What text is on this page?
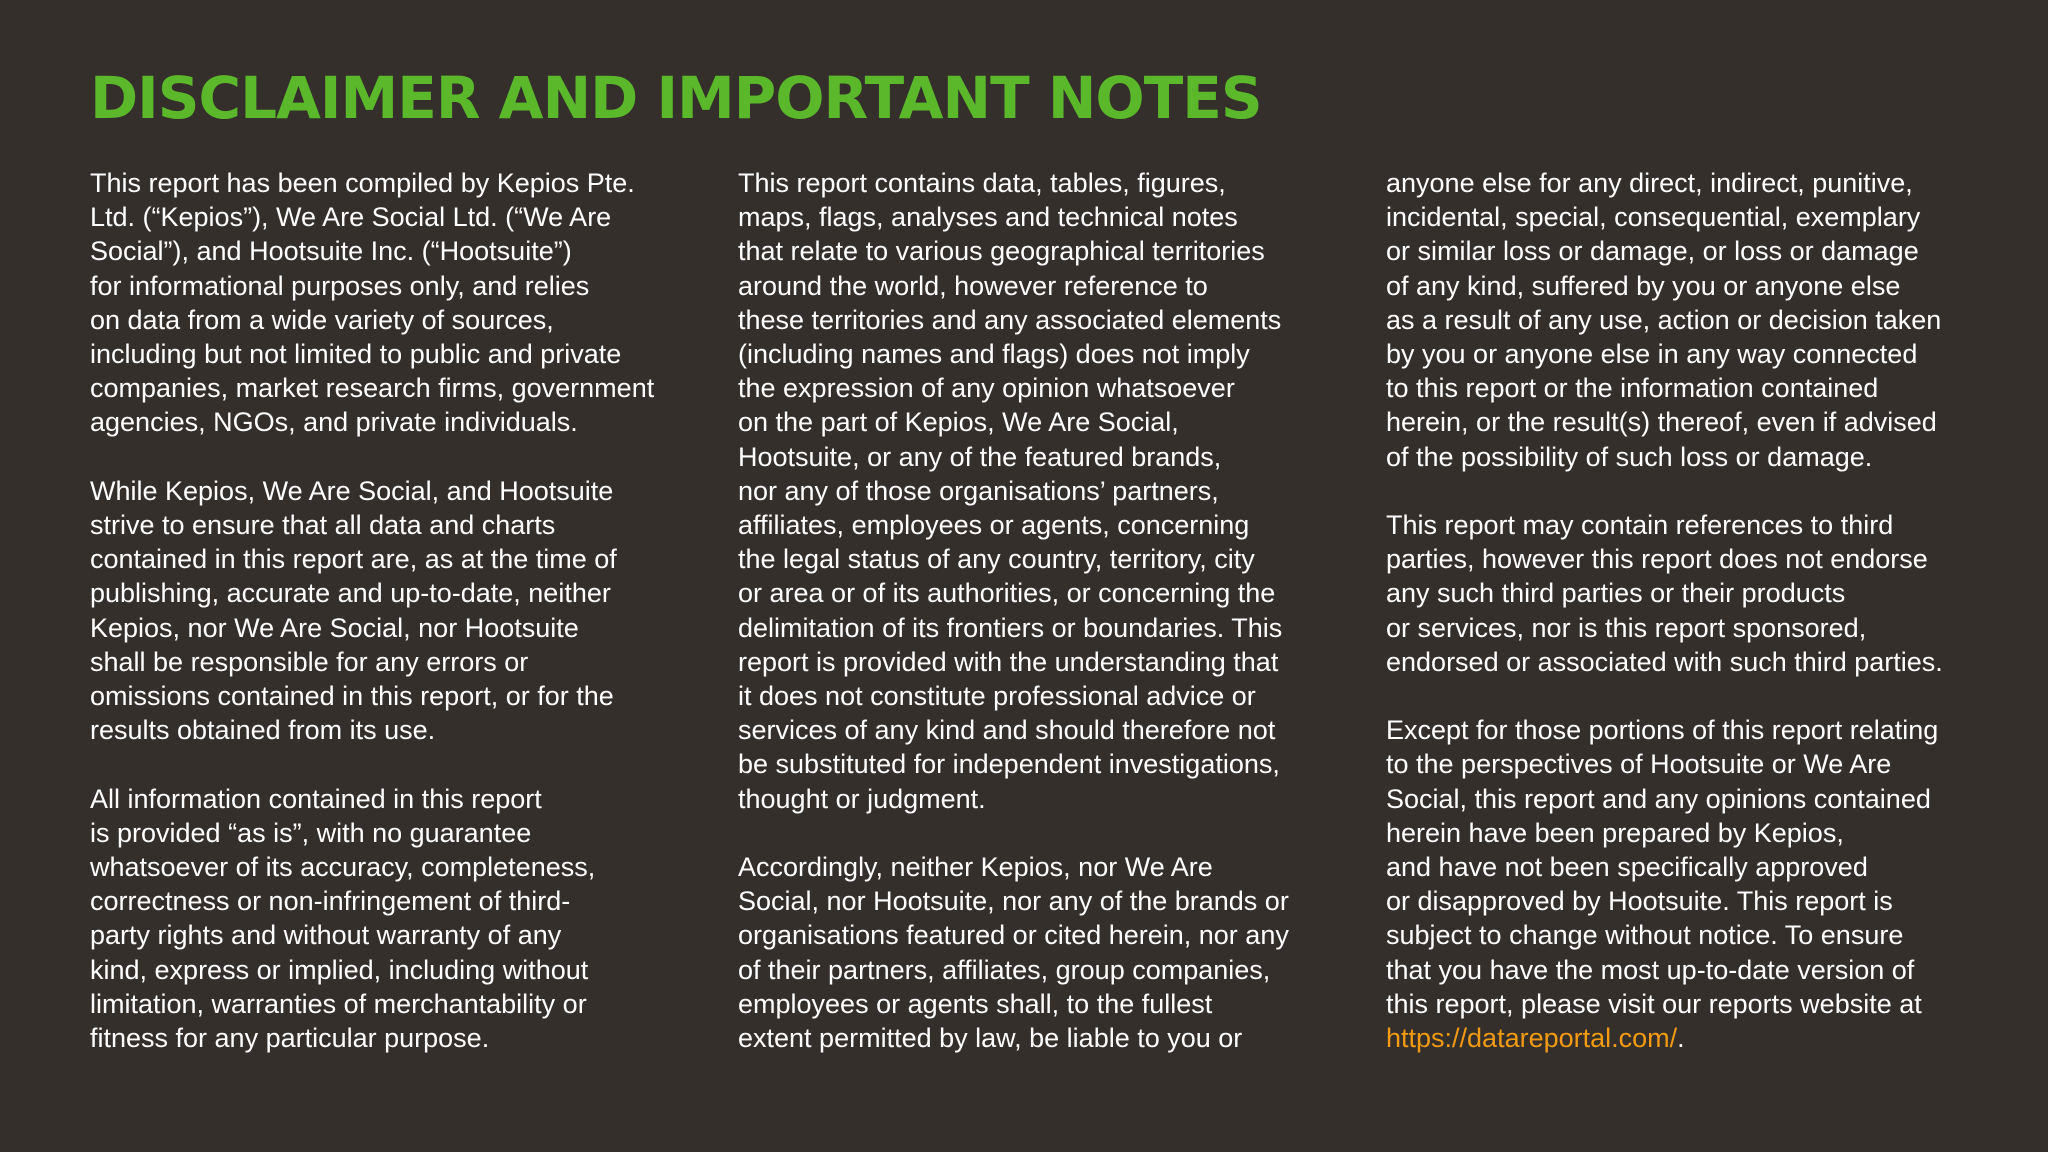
DISCLAIMER AND IMPORTANT NOTES

This report has been compiled by Kepios Pte.
Ltd. (“Kepios”), We Are Social Ltd. (“We Are
Social”), and Hootsuite Inc. (“Hootsuite”)
for informational purposes only, and relies
on data from a wide variety of sources,
including but not limited to public and private
companies, market research firms, government
agencies, NGOs, and private individuals.

While Kepios, We Are Social, and Hootsuite
strive to ensure that all data and charts
contained in this report are, as at the time of
publishing, accurate and up-to-date, neither
Kepios, nor We Are Social, nor Hootsuite
shall be responsible for any errors or
omissions contained in this report, or for the
results obtained from its use.

All information contained in this report
is provided “as is”, with no guarantee
whatsoever of its accuracy, completeness,
correctness or non-infringement of third-
party rights and without warranty of any
kind, express or implied, including without
limitation, warranties of merchantability or
fitness for any particular purpose.

This report contains data, tables, figures,
maps, flags, analyses and technical notes
that relate to various geographical territories
around the world, however reference to
these territories and any associated elements
(including names and flags) does not imply
the expression of any opinion whatsoever
on the part of Kepios, We Are Social,
Hootsuite, or any of the featured brands,
nor any of those organisations’ partners,
affiliates, employees or agents, concerning
the legal status of any country, territory, city
or area or of its authorities, or concerning the
delimitation of its frontiers or boundaries. This
report is provided with the understanding that
it does not constitute professional advice or
services of any kind and should therefore not
be substituted for independent investigations,
thought or judgment.

Accordingly, neither Kepios, nor We Are
Social, nor Hootsuite, nor any of the brands or
organisations featured or cited herein, nor any
of their partners, affiliates, group companies,
employees or agents shall, to the fullest
extent permitted by law, be liable to you or

anyone else for any direct, indirect, punitive,
incidental, special, consequential, exemplary
or similar loss or damage, or loss or damage
of any kind, suffered by you or anyone else
as a result of any use, action or decision taken
by you or anyone else in any way connected
to this report or the information contained
herein, or the result(s) thereof, even if advised
of the possibility of such loss or damage.

This report may contain references to third
parties, however this report does not endorse
any such third parties or their products
or services, nor is this report sponsored,
endorsed or associated with such third parties.

Except for those portions of this report relating
to the perspectives of Hootsuite or We Are
Social, this report and any opinions contained
herein have been prepared by Kepios,
and have not been specifically approved
or disapproved by Hootsuite. This report is
subject to change without notice. To ensure
that you have the most up-to-date version of
this report, please visit our reports website at
https://datareportal.com/.
